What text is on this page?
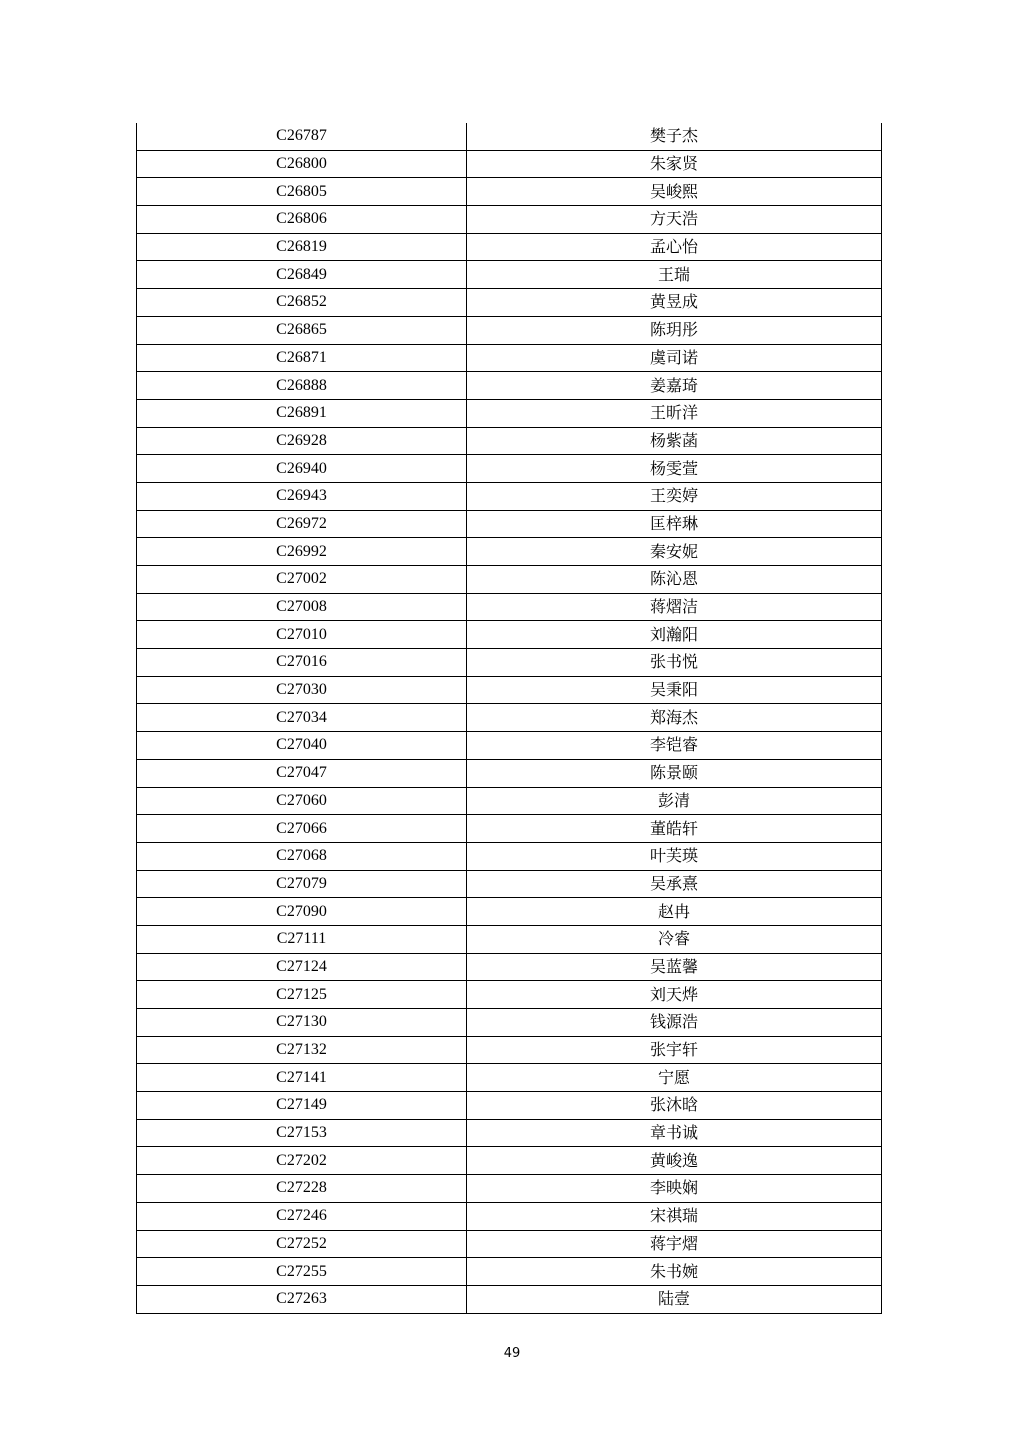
C26787	樊子杰
C26800	朱家贤
C26805	吴峻熙
C26806	方天浩
C26819	孟心怡
C26849	王瑞
C26852	黄昱成
C26865	陈玥彤
C26871	虞司诺
C26888	姜嘉琦
C26891	王昕洋
C26928	杨紫菡
C26940	杨雯萱
C26943	王奕婷
C26972	匡梓琳
C26992	秦安妮
C27002	陈沁恩
C27008	蒋熠洁
C27010	刘瀚阳
C27016	张书悦
C27030	吴秉阳
C27034	郑海杰
C27040	李铠睿
C27047	陈景颐
C27060	彭清
C27066	董皓轩
C27068	叶芙瑛
C27079	吴承熹
C27090	赵冉
C27111	冷睿
C27124	吴蓝馨
C27125	刘天烨
C27130	钱源浩
C27132	张宇轩
C27141	宁愿
C27149	张沐晗
C27153	章书诚
C27202	黄峻逸
C27228	李映娴
C27246	宋祺瑞
C27252	蒋宇熠
C27255	朱书婉
C27263	陆壹
49
